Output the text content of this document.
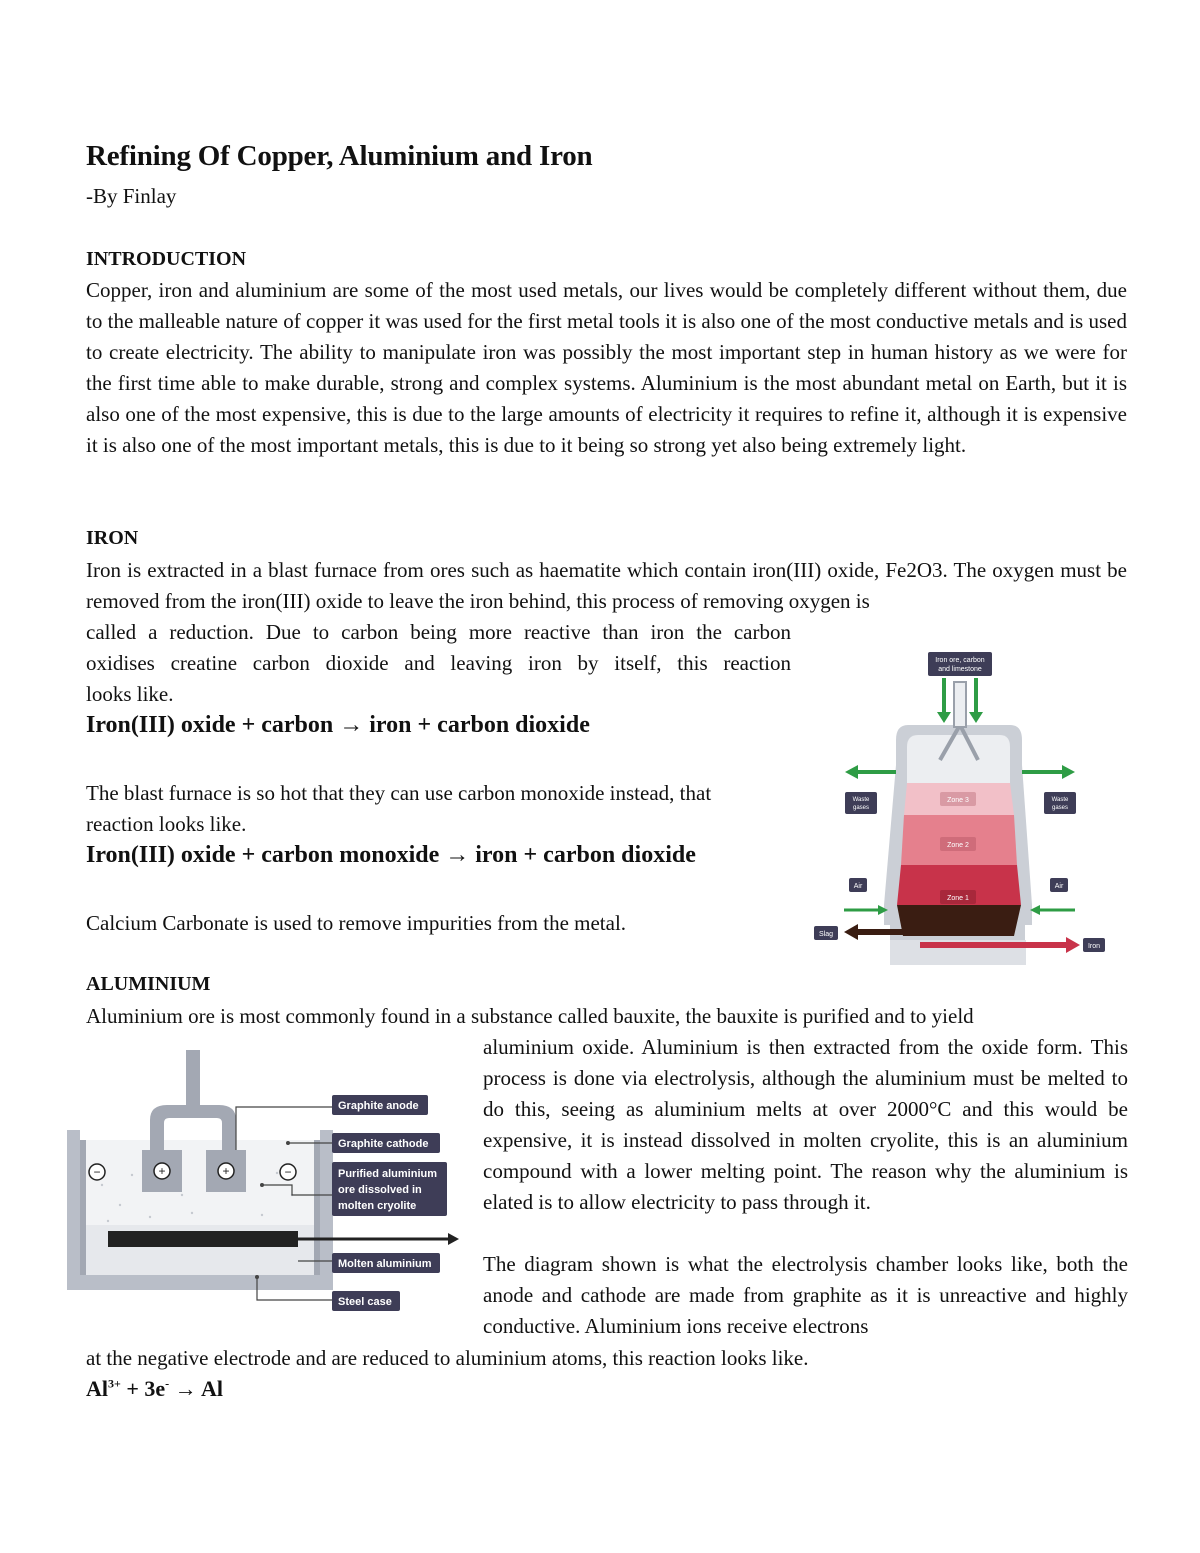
Refining Of Copper, Aluminium and Iron
-By Finlay
INTRODUCTION

Copper, iron and aluminium are some of the most used metals, our lives would be completely different without them, due to the malleable nature of copper it was used for the first metal tools it is also one of the most conductive metals and is used to create electricity. The ability to manipulate iron was possibly the most important step in human history as we were for the first time able to make durable, strong and complex systems. Aluminium is the most abundant metal on Earth, but it is also one of the most expensive, this is due to the large amounts of electricity it requires to refine it, although it is expensive it is also one of the most important metals, this is due to it being so strong yet also being extremely light.

IRON

Iron is extracted in a blast furnace from ores such as haematite which contain iron(III) oxide, Fe2O3. The oxygen must be removed from the iron(III) oxide to leave the iron behind, this process of removing oxygen is

called a reduction. Due to carbon being more reactive than iron the carbon

oxidises creatine carbon dioxide and leaving iron by itself, this reaction

looks like.

Iron(III) oxide + carbon → iron + carbon dioxide

The blast furnace is so hot that they can use carbon monoxide instead, that

reaction looks like.

Iron(III) oxide + carbon monoxide → iron + carbon dioxide

Calcium Carbonate is used to remove impurities from the metal.

Iron ore, carbon
and limestone
Waste
gases
Waste
gases
Zone 3
Zone 2
Zone 1
Air	Air
Slag
Iron
ALUMINIUM

Aluminium ore is most commonly found in a substance called bauxite, the bauxite is purified and to yield

aluminium oxide. Aluminium is then extracted from the oxide form. This process is done via electrolysis, although the aluminium must be melted to do this, seeing as aluminium melts at over 2000°C and this would be expensive, it is instead dissolved in molten cryolite, this is an aluminium compound with a lower melting point. The reason why the aluminium is elated is to allow electricity to pass through it.

The diagram shown is what the electrolysis chamber looks like, both the anode and cathode are made from graphite as it is unreactive and highly conductive. Aluminium ions receive electrons

at the negative electrode and are reduced to aluminium atoms, this reaction looks like.

$Al^{3+} + 3e^- \to Al$
+	+
−	−
Graphite anode
Graphite cathode
Purified aluminium
ore dissolved in
molten cryolite
Molten aluminium
Steel case
